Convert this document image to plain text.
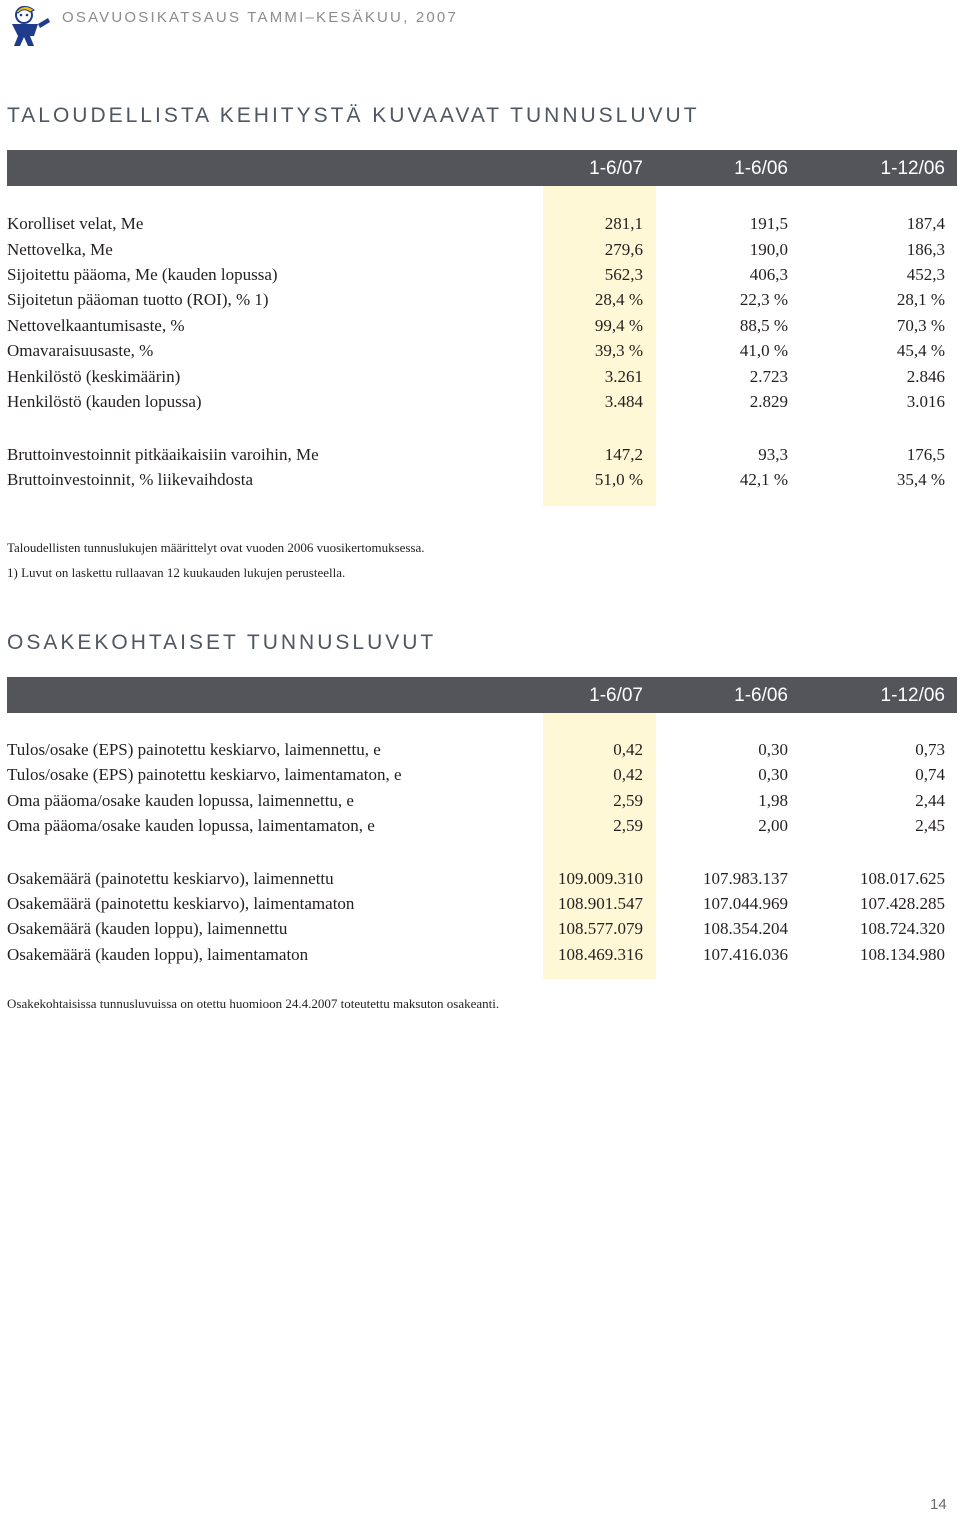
OSAVUOSIKATSAUS TAMMI–KESÄKUU, 2007
TALOUDELLISTA KEHITYSTÄ KUVAAVAT TUNNUSLUVUT
1-6/07	1-6/06	1-12/06
Korolliset velat, Me	281,1	191,5	187,4
Nettovelka, Me	279,6	190,0	186,3
Sijoitettu pääoma, Me (kauden lopussa)	562,3	406,3	452,3
Sijoitetun pääoman tuotto (ROI), % 1)	28,4 %	22,3 %	28,1 %
Nettovelkaantumisaste, %	99,4 %	88,5 %	70,3 %
Omavaraisuusaste, %	39,3 %	41,0 %	45,4 %
Henkilöstö (keskimäärin)	3.261	2.723	2.846
Henkilöstö (kauden lopussa)	3.484	2.829	3.016
Bruttoinvestoinnit pitkäaikaisiin varoihin, Me	147,2	93,3	176,5
Bruttoinvestoinnit, % liikevaihdosta	51,0 %	42,1 %	35,4 %
Taloudellisten tunnuslukujen määrittelyt ovat vuoden 2006 vuosikertomuksessa.
1) Luvut on laskettu rullaavan 12 kuukauden lukujen perusteella.
OSAKEKOHTAISET TUNNUSLUVUT
1-6/07	1-6/06	1-12/06
Tulos/osake (EPS) painotettu keskiarvo, laimennettu, e	0,42	0,30	0,73
Tulos/osake (EPS) painotettu keskiarvo, laimentamaton, e	0,42	0,30	0,74
Oma pääoma/osake kauden lopussa, laimennettu, e	2,59	1,98	2,44
Oma pääoma/osake kauden lopussa, laimentamaton, e	2,59	2,00	2,45
Osakemäärä (painotettu keskiarvo), laimennettu	109.009.310	107.983.137	108.017.625
Osakemäärä (painotettu keskiarvo), laimentamaton	108.901.547	107.044.969	107.428.285
Osakemäärä (kauden loppu), laimennettu	108.577.079	108.354.204	108.724.320
Osakemäärä (kauden loppu), laimentamaton	108.469.316	107.416.036	108.134.980
Osakekohtaisissa tunnusluvuissa on otettu huomioon 24.4.2007 toteutettu maksuton osakeanti.
14
